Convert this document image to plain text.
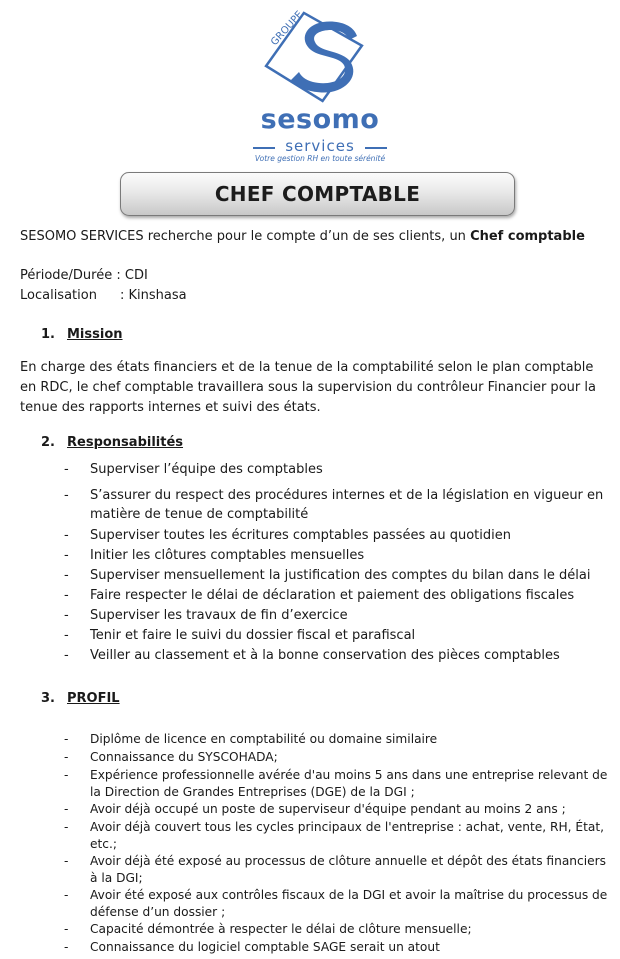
GROUPE
sesomo
services
Votre gestion RH en toute sérénité
CHEF COMPTABLE
SESOMO SERVICES recherche pour le compte d’un de ses clients, un Chef comptable
Période/Durée : CDI
Localisation : Kinshasa
1. Mission
En charge des états financiers et de la tenue de la comptabilité selon le plan comptable en RDC, le chef comptable travaillera sous la supervision du contrôleur Financier pour la tenue des rapports internes et suivi des états.
2. Responsabilités
- Superviser l’équipe des comptables
- S’assurer du respect des procédures internes et de la législation en vigueur en matière de tenue de comptabilité
- Superviser toutes les écritures comptables passées au quotidien
- Initier les clôtures comptables mensuelles
- Superviser mensuellement la justification des comptes du bilan dans le délai
- Faire respecter le délai de déclaration et paiement des obligations fiscales
- Superviser les travaux de fin d’exercice
- Tenir et faire le suivi du dossier fiscal et parafiscal
- Veiller au classement et à la bonne conservation des pièces comptables
3. PROFIL
- Diplôme de licence en comptabilité ou domaine similaire
- Connaissance du SYSCOHADA;
- Expérience professionnelle avérée d'au moins 5 ans dans une entreprise relevant de la Direction de Grandes Entreprises (DGE) de la DGI ;
- Avoir déjà occupé un poste de superviseur d'équipe pendant au moins 2 ans ;
- Avoir déjà couvert tous les cycles principaux de l'entreprise : achat, vente, RH, État, etc.;
- Avoir déjà été exposé au processus de clôture annuelle et dépôt des états financiers à la DGI;
- Avoir été exposé aux contrôles fiscaux de la DGI et avoir la maîtrise du processus de défense d’un dossier ;
- Capacité démontrée à respecter le délai de clôture mensuelle;
- Connaissance du logiciel comptable SAGE serait un atout
